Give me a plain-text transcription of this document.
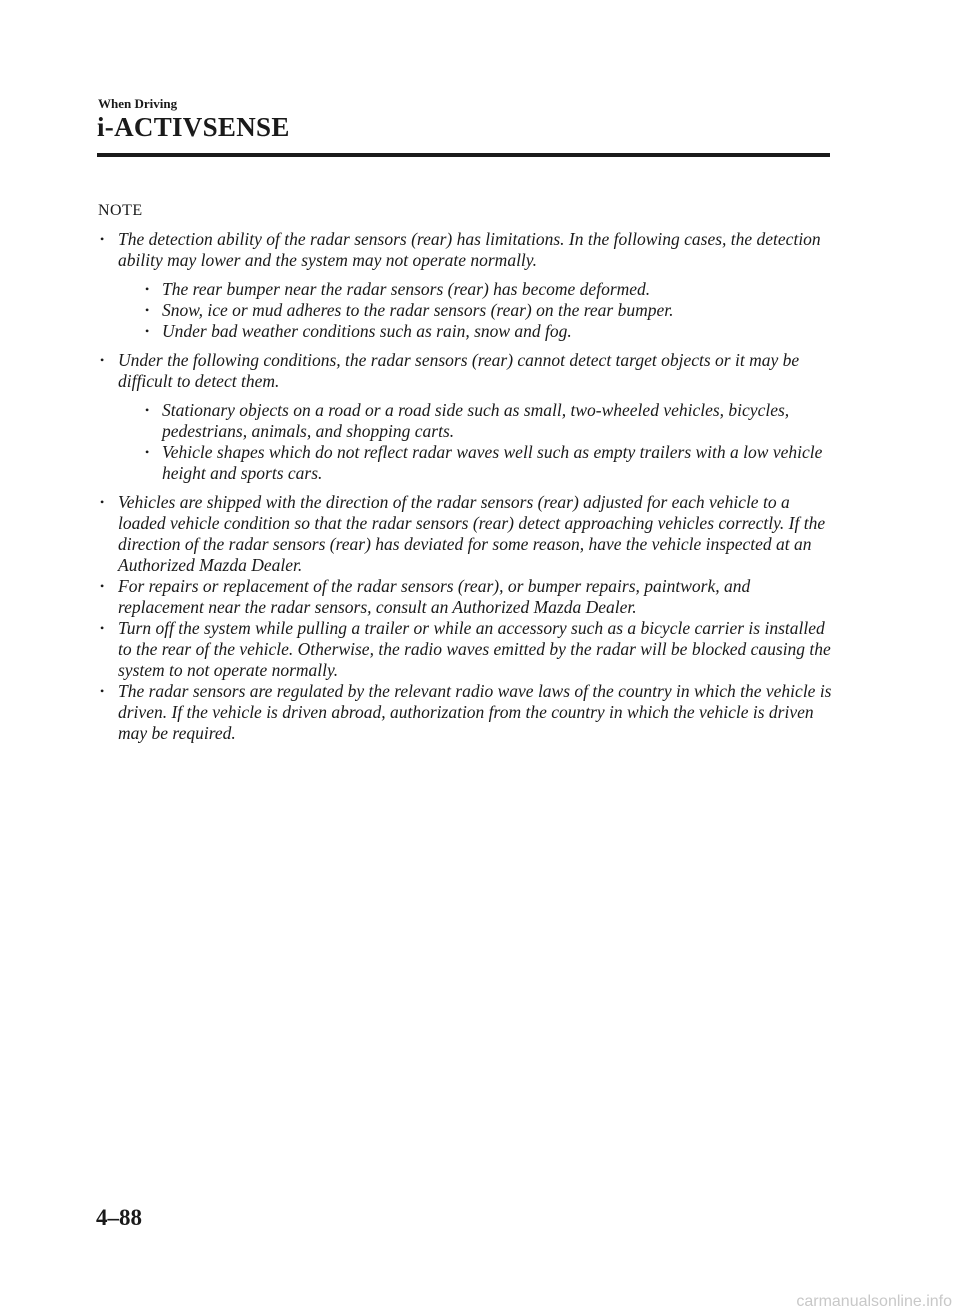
When Driving
i-ACTIVSENSE
NOTE
• The detection ability of the radar sensors (rear) has limitations. In the following cases, the detection ability may lower and the system may not operate normally.
• The rear bumper near the radar sensors (rear) has become deformed.
• Snow, ice or mud adheres to the radar sensors (rear) on the rear bumper.
• Under bad weather conditions such as rain, snow and fog.
• Under the following conditions, the radar sensors (rear) cannot detect target objects or it may be difficult to detect them.
• Stationary objects on a road or a road side such as small, two-wheeled vehicles, bicycles, pedestrians, animals, and shopping carts.
• Vehicle shapes which do not reflect radar waves well such as empty trailers with a low vehicle height and sports cars.
• Vehicles are shipped with the direction of the radar sensors (rear) adjusted for each vehicle to a loaded vehicle condition so that the radar sensors (rear) detect approaching vehicles correctly. If the direction of the radar sensors (rear) has deviated for some reason, have the vehicle inspected at an Authorized Mazda Dealer.
• For repairs or replacement of the radar sensors (rear), or bumper repairs, paintwork, and replacement near the radar sensors, consult an Authorized Mazda Dealer.
• Turn off the system while pulling a trailer or while an accessory such as a bicycle carrier is installed to the rear of the vehicle. Otherwise, the radio waves emitted by the radar will be blocked causing the system to not operate normally.
• The radar sensors are regulated by the relevant radio wave laws of the country in which the vehicle is driven. If the vehicle is driven abroad, authorization from the country in which the vehicle is driven may be required.
4–88
carmanualsonline.info
